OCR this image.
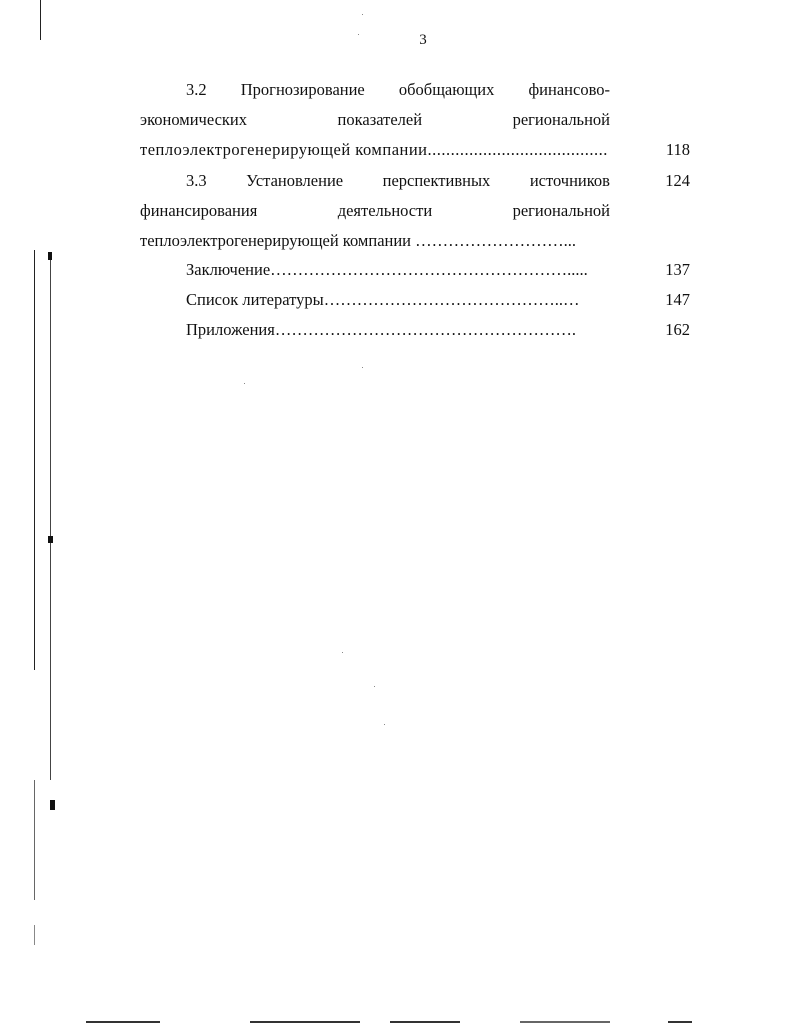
3
3.2 Прогнозирование обобщающих финансово-
экономических	показателей	региональной
теплоэлектрогенерирующей компании.......................................	118
3.3 Установление перспективных источников	124
финансирования	деятельности	региональной
теплоэлектрогенерирующей компании ………………………...
Заключение……………………………………………….....	137
Список литературы……………………………………..…	147
Приложения……………………………………………….	162
